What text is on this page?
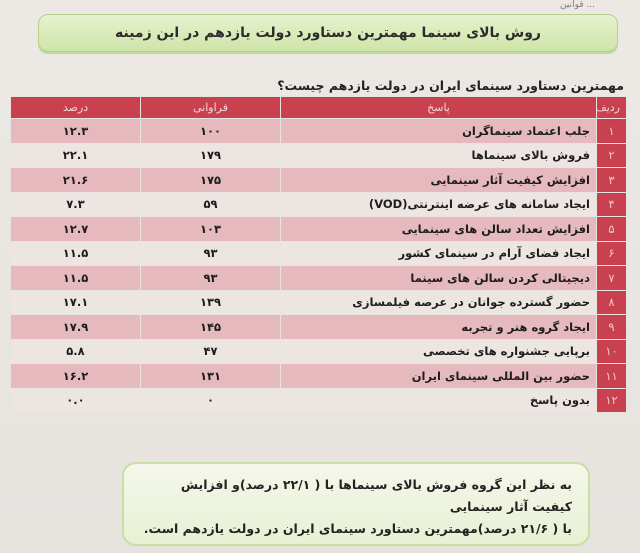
قوانین ...
روش بالای سینما مهمترین دستاورد دولت یازدهم در این زمینه
مهمترین دستاورد سینمای ایران در دولت یازدهم چیست؟
ردیف	پاسخ	فراوانی	درصد
۱	جلب اعتماد سینماگران	۱۰۰	۱۲.۳
۲	فروش بالای سینماها	۱۷۹	۲۲.۱
۳	افزایش کیفیت آثار سینمایی	۱۷۵	۲۱.۶
۴	ایجاد سامانه های عرضه اینترنتی(VOD)	۵۹	۷.۳
۵	افزایش تعداد سالن های سینمایی	۱۰۳	۱۲.۷
۶	ایجاد فضای آرام در سینمای کشور	۹۳	۱۱.۵
۷	دیجیتالی کردن سالن های سینما	۹۳	۱۱.۵
۸	حضور گسترده جوانان در عرصه فیلمسازی	۱۳۹	۱۷.۱
۹	ایجاد گروه هنر و تجربه	۱۴۵	۱۷.۹
۱۰	برپایی جشنواره های تخصصی	۴۷	۵.۸
۱۱	حضور بین المللی سینمای ایران	۱۳۱	۱۶.۲
۱۲	بدون پاسخ	۰	۰.۰

به نظر این گروه فروش بالای سینماها با ( ۲۲/۱ درصد)و افزایش کیفیت آثار سینمایی

با ( ۲۱/۶ درصد)مهمترین دستاورد سینمای ایران در دولت یازدهم است.
